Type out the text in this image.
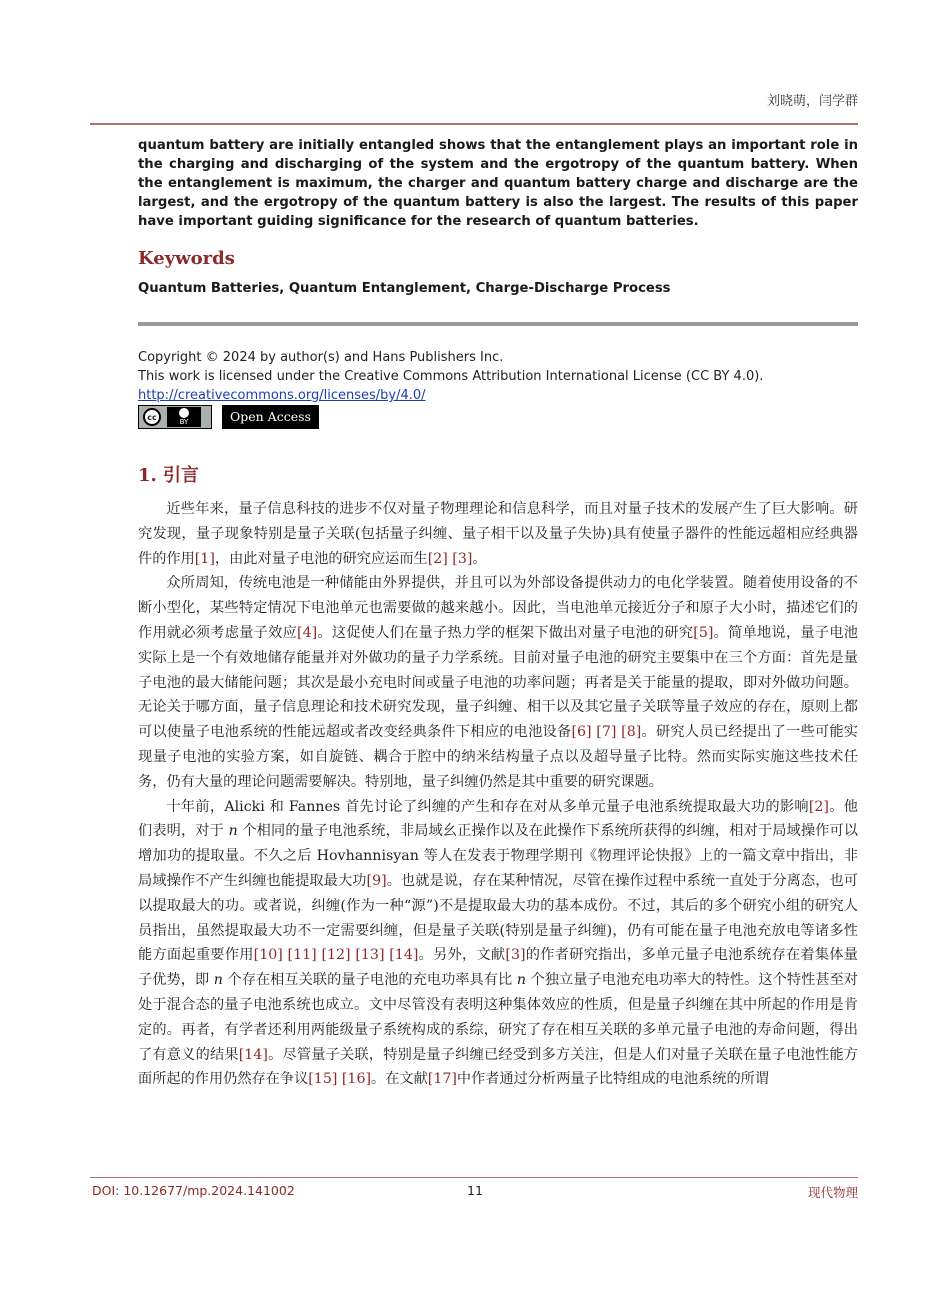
刘晓萌，闫学群
quantum battery are initially entangled shows that the entanglement plays an important role in the charging and discharging of the system and the ergotropy of the quantum battery. When the entanglement is maximum, the charger and quantum battery charge and discharge are the largest, and the ergotropy of the quantum battery is also the largest. The results of this paper have important guiding significance for the research of quantum batteries.
Keywords
Quantum Batteries, Quantum Entanglement, Charge-Discharge Process
Copyright © 2024 by author(s) and Hans Publishers Inc.
This work is licensed under the Creative Commons Attribution International License (CC BY 4.0).
http://creativecommons.org/licenses/by/4.0/
cc
BY	Open Access
1. 引言

近些年来，量子信息科技的进步不仅对量子物理理论和信息科学，而且对量子技术的发展产生了巨大影响。研究发现，量子现象特别是量子关联(包括量子纠缠、量子相干以及量子失协)具有使量子器件的性能远超相应经典器件的作用[1]，由此对量子电池的研究应运而生[2] [3]。

众所周知，传统电池是一种储能由外界提供，并且可以为外部设备提供动力的电化学装置。随着使用设备的不断小型化，某些特定情况下电池单元也需要做的越来越小。因此，当电池单元接近分子和原子大小时，描述它们的作用就必须考虑量子效应[4]。这促使人们在量子热力学的框架下做出对量子电池的研究[5]。简单地说，量子电池实际上是一个有效地储存能量并对外做功的量子力学系统。目前对量子电池的研究主要集中在三个方面：首先是量子电池的最大储能问题；其次是最小充电时间或量子电池的功率问题；再者是关于能量的提取，即对外做功问题。无论关于哪方面，量子信息理论和技术研究发现，量子纠缠、相干以及其它量子关联等量子效应的存在，原则上都可以使量子电池系统的性能远超或者改变经典条件下相应的电池设备[6] [7] [8]。研究人员已经提出了一些可能实现量子电池的实验方案，如自旋链、耦合于腔中的纳米结构量子点以及超导量子比特。然而实际实施这些技术任务，仍有大量的理论问题需要解决。特别地，量子纠缠仍然是其中重要的研究课题。

十年前，Alicki 和 Fannes 首先讨论了纠缠的产生和存在对从多单元量子电池系统提取最大功的影响[2]。他们表明，对于 n 个相同的量子电池系统，非局域幺正操作以及在此操作下系统所获得的纠缠，相对于局域操作可以增加功的提取量。不久之后 Hovhannisyan 等人在发表于物理学期刊《物理评论快报》上的一篇文章中指出，非局域操作不产生纠缠也能提取最大功[9]。也就是说，存在某种情况，尽管在操作过程中系统一直处于分离态，也可以提取最大的功。或者说，纠缠(作为一种“源”)不是提取最大功的基本成份。不过，其后的多个研究小组的研究人员指出，虽然提取最大功不一定需要纠缠，但是量子关联(特别是量子纠缠)，仍有可能在量子电池充放电等诸多性能方面起重要作用[10] [11] [12] [13] [14]。另外，文献[3]的作者研究指出，多单元量子电池系统存在着集体量子优势，即 n 个存在相互关联的量子电池的充电功率具有比 n 个独立量子电池充电功率大的特性。这个特性甚至对处于混合态的量子电池系统也成立。文中尽管没有表明这种集体效应的性质，但是量子纠缠在其中所起的作用是肯定的。再者，有学者还利用两能级量子系统构成的系综，研究了存在相互关联的多单元量子电池的寿命问题，得出了有意义的结果[14]。尽管量子关联，特别是量子纠缠已经受到多方关注，但是人们对量子关联在量子电池性能方面所起的作用仍然存在争议[15] [16]。在文献[17]中作者通过分析两量子比特组成的电池系统的所谓

DOI: 10.12677/mp.2024.141002	11	现代物理
